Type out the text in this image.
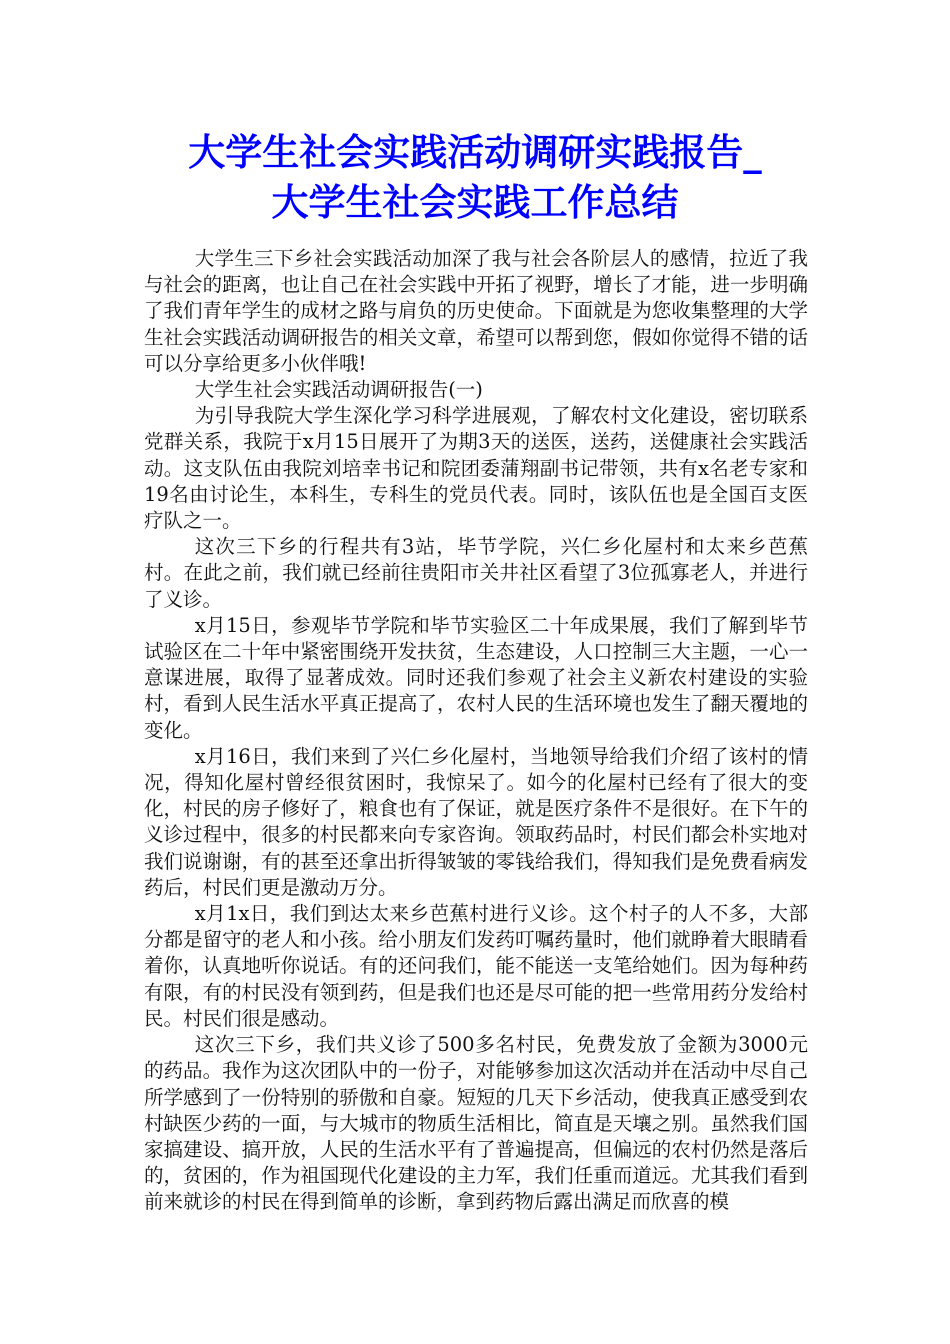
大学生社会实践活动调研实践报告_
大学生社会实践工作总结

大学生三下乡社会实践活动加深了我与社会各阶层人的感情，拉近了我与社会的距离，也让自己在社会实践中开拓了视野，增长了才能，进一步明确了我们青年学生的成材之路与肩负的历史使命。下面就是为您收集整理的大学生社会实践活动调研报告的相关文章，希望可以帮到您，假如你觉得不错的话可以分享给更多小伙伴哦!

大学生社会实践活动调研报告(一)

为引导我院大学生深化学习科学进展观，了解农村文化建设，密切联系党群关系，我院于x月15日展开了为期3天的送医，送药，送健康社会实践活动。这支队伍由我院刘培幸书记和院团委蒲翔副书记带领，共有x名老专家和19名由讨论生，本科生，专科生的党员代表。同时，该队伍也是全国百支医疗队之一。

这次三下乡的行程共有3站，毕节学院，兴仁乡化屋村和太来乡芭蕉村。在此之前，我们就已经前往贵阳市关井社区看望了3位孤寡老人，并进行了义诊。

x月15日，参观毕节学院和毕节实验区二十年成果展，我们了解到毕节试验区在二十年中紧密围绕开发扶贫，生态建设，人口控制三大主题，一心一意谋进展，取得了显著成效。同时还我们参观了社会主义新农村建设的实验村，看到人民生活水平真正提高了，农村人民的生活环境也发生了翻天覆地的变化。

x月16日，我们来到了兴仁乡化屋村，当地领导给我们介绍了该村的情况，得知化屋村曾经很贫困时，我惊呆了。如今的化屋村已经有了很大的变化，村民的房子修好了，粮食也有了保证，就是医疗条件不是很好。在下午的义诊过程中，很多的村民都来向专家咨询。领取药品时，村民们都会朴实地对我们说谢谢，有的甚至还拿出折得皱皱的零钱给我们，得知我们是免费看病发药后，村民们更是激动万分。

x月1x日，我们到达太来乡芭蕉村进行义诊。这个村子的人不多，大部分都是留守的老人和小孩。给小朋友们发药叮嘱药量时，他们就睁着大眼睛看着你，认真地听你说话。有的还问我们，能不能送一支笔给她们。因为每种药有限，有的村民没有领到药，但是我们也还是尽可能的把一些常用药分发给村民。村民们很是感动。

这次三下乡，我们共义诊了500多名村民，免费发放了金额为3000元的药品。我作为这次团队中的一份子，对能够参加这次活动并在活动中尽自己所学感到了一份特别的骄傲和自豪。短短的几天下乡活动，使我真正感受到农村缺医少药的一面，与大城市的物质生活相比，简直是天壤之别。虽然我们国家搞建设、搞开放，人民的生活水平有了普遍提高，但偏远的农村仍然是落后的，贫困的，作为祖国现代化建设的主力军，我们任重而道远。尤其我们看到前来就诊的村民在得到简单的诊断，拿到药物后露出满足而欣喜的模
